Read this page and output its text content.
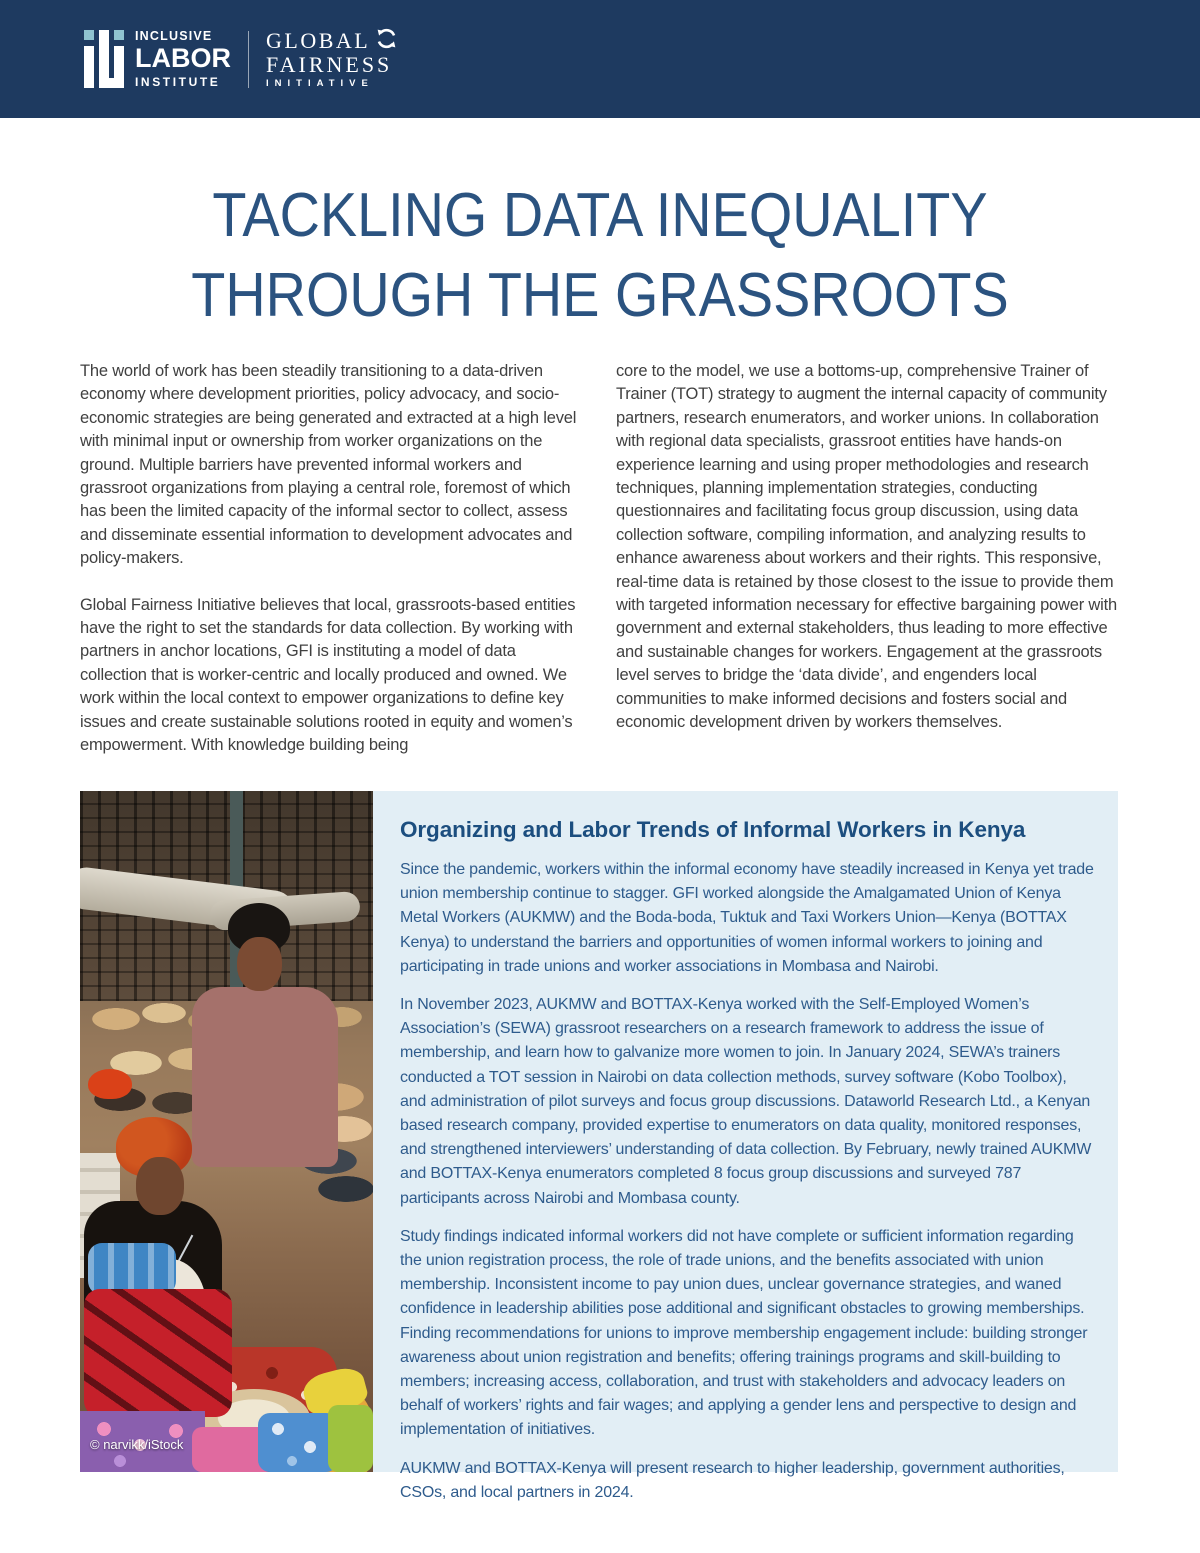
INCLUSIVE
LABOR
INSTITUTE
GLOBAL
FAIRNESS
INITIATIVE
TACKLING DATA INEQUALITY
THROUGH THE GRASSROOTS

The world of work has been steadily transitioning to a data-driven economy where development priorities, policy advocacy, and socio-economic strategies are being generated and extracted at a high level with minimal input or ownership from worker organizations on the ground. Multiple barriers have prevented informal workers and grassroot organizations from playing a central role, foremost of which has been the limited capacity of the informal sector to collect, assess and disseminate essential information to development advocates and policy-makers.

Global Fairness Initiative believes that local, grassroots-based entities have the right to set the standards for data collection. By working with partners in anchor locations, GFI is instituting a model of data collection that is worker-centric and locally produced and owned. We work within the local context to empower organizations to define key issues and create sustainable solutions rooted in equity and women’s empowerment. With knowledge building being

core to the model, we use a bottoms-up, comprehensive Trainer of Trainer (TOT) strategy to augment the internal capacity of community partners, research enumerators, and worker unions. In collaboration with regional data specialists, grassroot entities have hands-on experience learning and using proper methodologies and research techniques, planning implementation strategies, conducting questionnaires and facilitating focus group discussion, using data collection software, compiling information, and analyzing results to enhance awareness about workers and their rights. This responsive, real-time data is retained by those closest to the issue to provide them with targeted information necessary for effective bargaining power with government and external stakeholders, thus leading to more effective and sustainable changes for workers. Engagement at the grassroots level serves to bridge the ‘data divide’, and engenders local communities to make informed decisions and fosters social and economic development driven by workers themselves.

© narvikk/iStock
Organizing and Labor Trends of Informal Workers in Kenya

Since the pandemic, workers within the informal economy have steadily increased in Kenya yet trade union membership continue to stagger. GFI worked alongside the Amalgamated Union of Kenya Metal Workers (AUKMW) and the Boda-boda, Tuktuk and Taxi Workers Union—Kenya (BOTTAX Kenya) to understand the barriers and opportunities of women informal workers to joining and participating in trade unions and worker associations in Mombasa and Nairobi.

In November 2023, AUKMW and BOTTAX-Kenya worked with the Self-Employed Women’s Association’s (SEWA) grassroot researchers on a research framework to address the issue of membership, and learn how to galvanize more women to join. In January 2024, SEWA’s trainers conducted a TOT session in Nairobi on data collection methods, survey software (Kobo Toolbox), and administration of pilot surveys and focus group discussions. Dataworld Research Ltd., a Kenyan based research company, provided expertise to enumerators on data quality, monitored responses, and strengthened interviewers’ understanding of data collection. By February, newly trained AUKMW and BOTTAX-Kenya enumerators completed 8 focus group discussions and surveyed 787 participants across Nairobi and Mombasa county.

Study findings indicated informal workers did not have complete or sufficient information regarding the union registration process, the role of trade unions, and the benefits associated with union membership. Inconsistent income to pay union dues, unclear governance strategies, and waned confidence in leadership abilities pose additional and significant obstacles to growing memberships. Finding recommendations for unions to improve membership engagement include: building stronger awareness about union registration and benefits; offering trainings programs and skill-building to members; increasing access, collaboration, and trust with stakeholders and advocacy leaders on behalf of workers’ rights and fair wages; and applying a gender lens and perspective to design and implementation of initiatives.

AUKMW and BOTTAX-Kenya will present research to higher leadership, government authorities, CSOs, and local partners in 2024.
